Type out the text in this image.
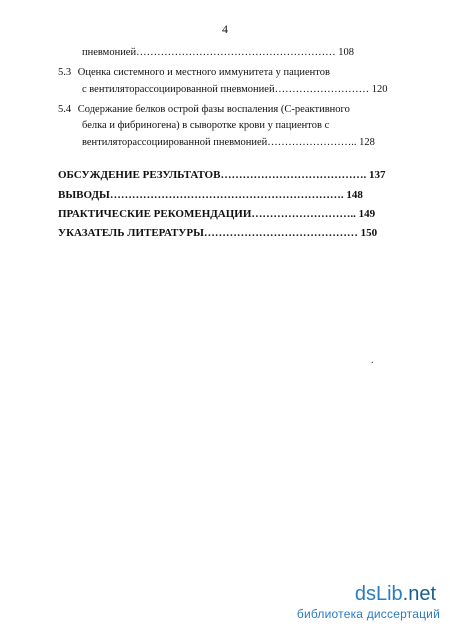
4
пневмонией………………………………………………… 108
5.3 Оценка системного и местного иммунитета у пациентов
с вентиляторассоциированной пневмонией……………………… 120
5.4 Содержание белков острой фазы воспаления (С-реактивного
белка и фибриногена) в сыворотке крови у пациентов с
вентиляторассоциированной пневмонией…………………….. 128
ОБСУЖДЕНИЕ РЕЗУЛЬТАТОВ…………………………………. 137
ВЫВОДЫ………………………………………………………. 148
ПРАКТИЧЕСКИЕ РЕКОМЕНДАЦИИ……………………….. 149
УКАЗАТЕЛЬ ЛИТЕРАТУРЫ…………………………………… 150
.
dsLib.net
библиотека диссертаций
